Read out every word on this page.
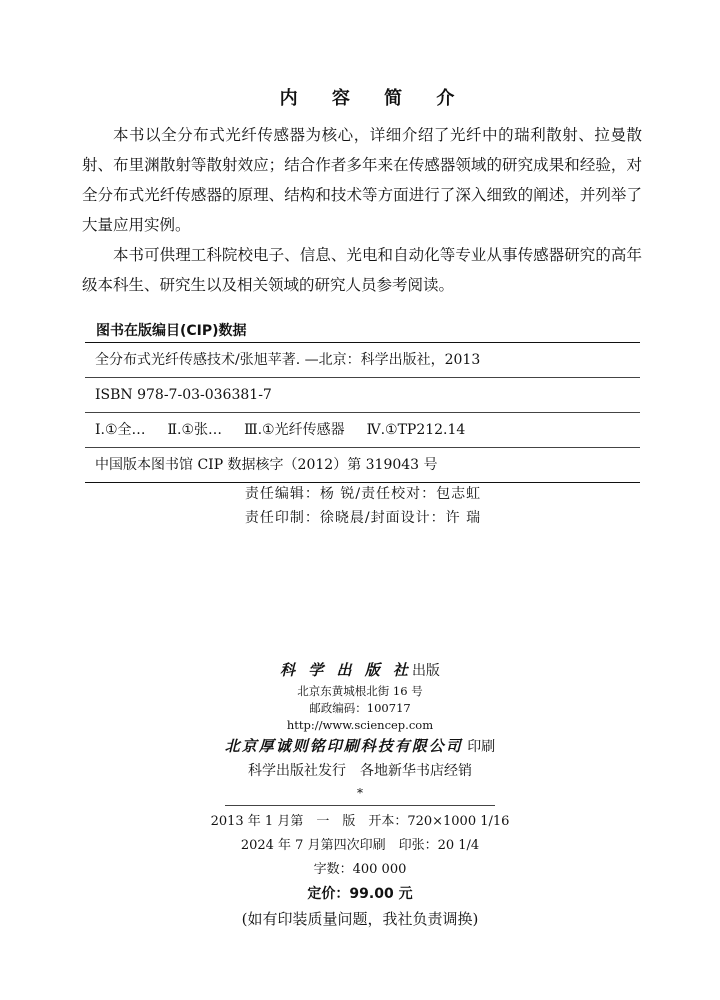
内 容 简 介

本书以全分布式光纤传感器为核心，详细介绍了光纤中的瑞利散射、拉曼散射、布里渊散射等散射效应；结合作者多年来在传感器领域的研究成果和经验，对全分布式光纤传感器的原理、结构和技术等方面进行了深入细致的阐述，并列举了大量应用实例。

本书可供理工科院校电子、信息、光电和自动化等专业从事传感器研究的高年级本科生、研究生以及相关领域的研究人员参考阅读。

图书在版编目(CIP)数据
全分布式光纤传感技术/张旭苹著. —北京：科学出版社，2013
ISBN 978-7-03-036381-7
Ⅰ.①全… Ⅱ.①张… Ⅲ.①光纤传感器 Ⅳ.①TP212.14
中国版本图书馆 CIP 数据核字（2012）第 319043 号
责任编辑：杨 锐/责任校对：包志虹
责任印制：徐晓晨/封面设计：许 瑞
科 学 出 版 社出版
北京东黄城根北街 16 号
邮政编码：100717
http://www.sciencep.com
北京厚诚则铭印刷科技有限公司 印刷
科学出版社发行　各地新华书店经销
*
2013 年 1 月第　一　版　开本：720×1000 1/16
2024 年 7 月第四次印刷　印张：20 1/4
字数：400 000
定价：99.00 元
(如有印装质量问题，我社负责调换)
